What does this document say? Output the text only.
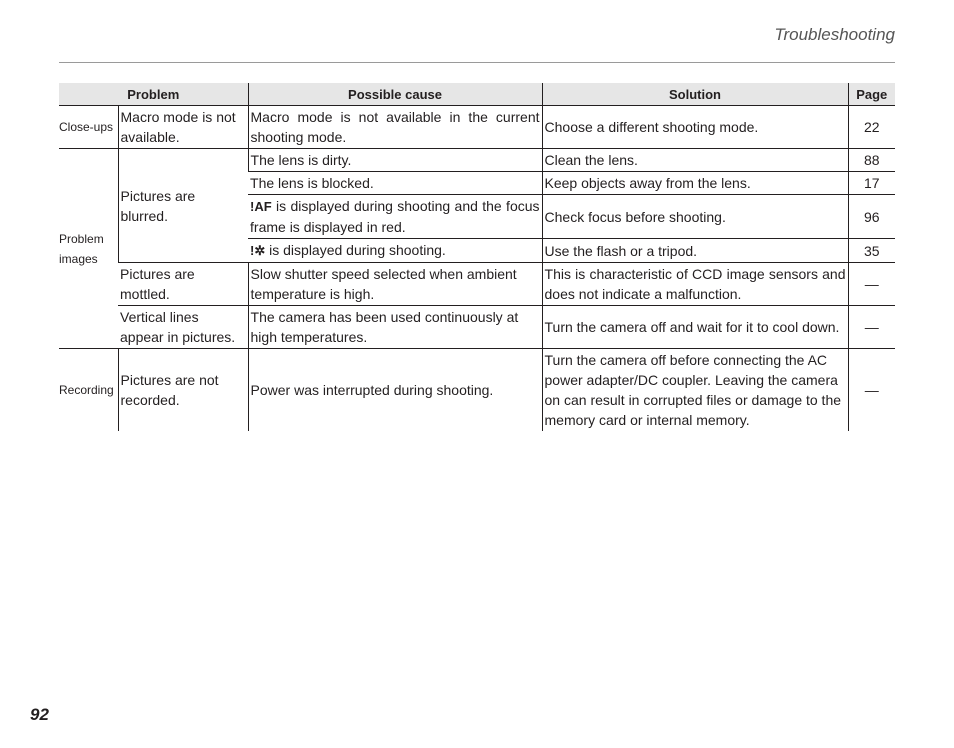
Troubleshooting
Problem		Possible cause	Solution	Page
Close-ups	Macro mode is not available.	Macro mode is not available in the current shooting mode.	Choose a different shooting mode.	22
Problem images	Pictures are blurred.	The lens is dirty.	Clean the lens.	88
		The lens is blocked.	Keep objects away from the lens.	17
		!AF is displayed during shooting and the focus frame is displayed in red.	Check focus before shooting.	96
		!✲ is displayed during shooting.	Use the flash or a tripod.	35
	Pictures are mottled.	Slow shutter speed selected when ambient temperature is high.	This is characteristic of CCD image sensors and does not indicate a malfunction.	—
	Vertical lines appear in pictures.	The camera has been used continuously at high temperatures.	Turn the camera off and wait for it to cool down.	—
Recording	Pictures are not recorded.	Power was interrupted during shooting.	Turn the camera off before connecting the AC power adapter/DC coupler. Leaving the camera on can result in corrupted files or damage to the memory card or internal memory.	—
92
